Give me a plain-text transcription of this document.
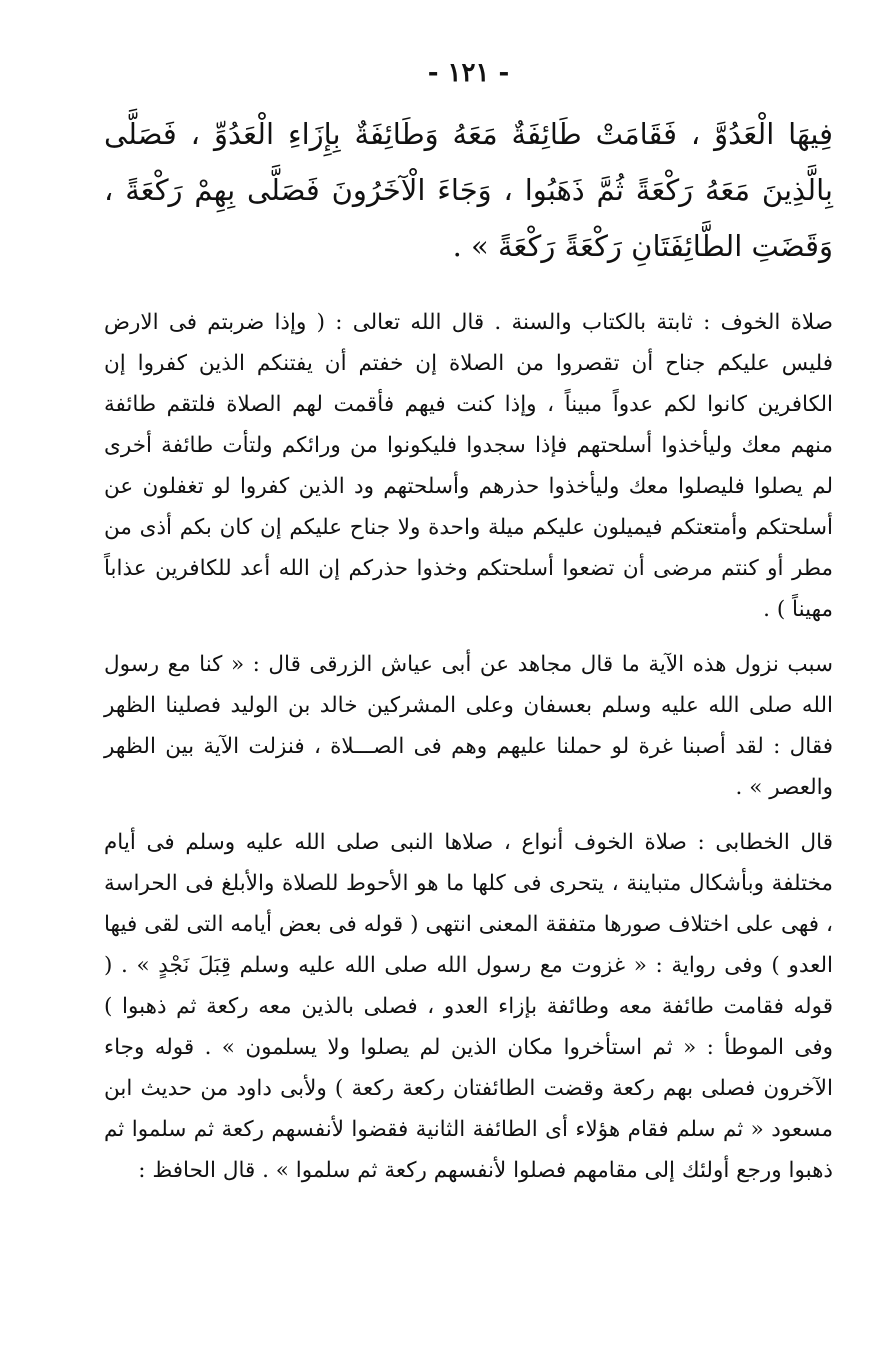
- ١٢١ -
فِيهَا الْعَدُوَّ ، فَقَامَتْ طَائِفَةٌ مَعَهُ وَطَائِفَةٌ بِإِزَاءِ الْعَدُوِّ ، فَصَلَّى بِالَّذِينَ مَعَهُ رَكْعَةً ثُمَّ ذَهَبُوا ، وَجَاءَ الْآخَرُونَ فَصَلَّى بِهِمْ رَكْعَةً ، وَقَضَتِ الطَّائِفَتَانِ رَكْعَةً رَكْعَةً » .

صلاة الخوف : ثابتة بالكتاب والسنة . قال الله تعالى : ( وإذا ضربتم فى الارض فليس عليكم جناح أن تقصروا من الصلاة إن خفتم أن يفتنكم الذين كفروا إن الكافرين كانوا لكم عدواً مبيناً ، وإذا كنت فيهم فأقمت لهم الصلاة فلتقم طائفة منهم معك وليأخذوا أسلحتهم فإذا سجدوا فليكونوا من ورائكم ولتأت طائفة أخرى لم يصلوا فليصلوا معك وليأخذوا حذرهم وأسلحتهم ود الذين كفروا لو تغفلون عن أسلحتكم وأمتعتكم فيميلون عليكم ميلة واحدة ولا جناح عليكم إن كان بكم أذى من مطر أو كنتم مرضى أن تضعوا أسلحتكم وخذوا حذركم إن الله أعد للكافرين عذاباً مهيناً ) .

سبب نزول هذه الآية ما قال مجاهد عن أبى عياش الزرقى قال : « كنا مع رسول الله صلى الله عليه وسلم بعسفان وعلى المشركين خالد بن الوليد فصلينا الظهر فقال : لقد أصبنا غرة لو حملنا عليهم وهم فى الصـــلاة ، فنزلت الآية بين الظهر والعصر » .

قال الخطابى : صلاة الخوف أنواع ، صلاها النبى صلى الله عليه وسلم فى أيام مختلفة وبأشكال متباينة ، يتحرى فى كلها ما هو الأحوط للصلاة والأبلغ فى الحراسة ، فهى على اختلاف صورها متفقة المعنى انتهى ( قوله فى بعض أيامه التى لقى فيها العدو ) وفى رواية : « غزوت مع رسول الله صلى الله عليه وسلم قِبَلَ نَجْدٍ » . ( قوله فقامت طائفة معه وطائفة بإزاء العدو ، فصلى بالذين معه ركعة ثم ذهبوا ) وفى الموطأ : « ثم استأخروا مكان الذين لم يصلوا ولا يسلمون » . قوله وجاء الآخرون فصلى بهم ركعة وقضت الطائفتان ركعة ركعة ) ولأبى داود من حديث ابن مسعود « ثم سلم فقام هؤلاء أى الطائفة الثانية فقضوا لأنفسهم ركعة ثم سلموا ثم ذهبوا ورجع أولئك إلى مقامهم فصلوا لأنفسهم ركعة ثم سلموا » . قال الحافظ :
